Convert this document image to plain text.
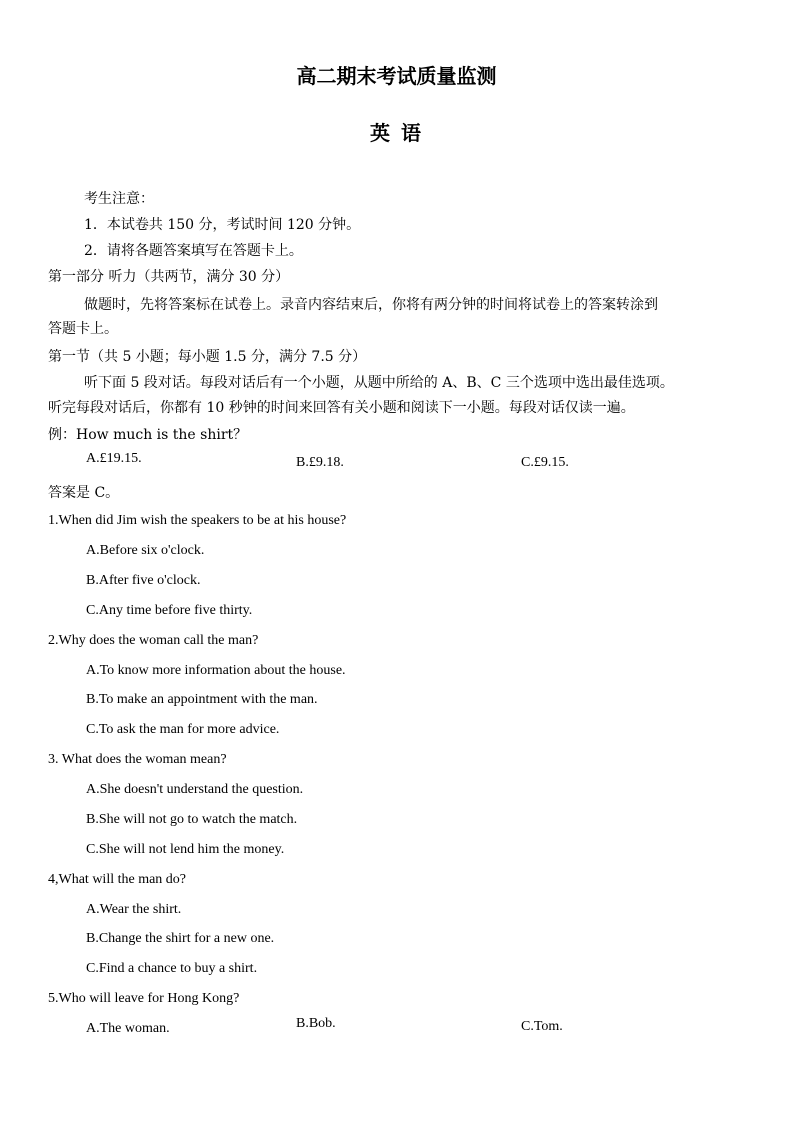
高二期末考试质量监测
英 语
考生注意：
1．本试卷共 150 分，考试时间 120 分钟。
2．请将各题答案填写在答题卡上。
第一部分 听力（共两节，满分 30 分）
做题时，先将答案标在试卷上。录音内容结束后，你将有两分钟的时间将试卷上的答案转涂到
答题卡上。
第一节（共 5 小题；每小题 1.5 分，满分 7.5 分）
听下面 5 段对话。每段对话后有一个小题，从题中所给的 A、B、C 三个选项中选出最佳选项。
听完每段对话后，你都有 10 秒钟的时间来回答有关小题和阅读下一小题。每段对话仅读一遍。
例：How much is the shirt？
A.£19.15.	B.£9.18.	C.£9.15.
答案是 C。
1.When did Jim wish the speakers to be at his house?
A.Before six o'clock.
B.After five o'clock.
C.Any time before five thirty.
2.Why does the woman call the man?
A.To know more information about the house.
B.To make an appointment with the man.
C.To ask the man for more advice.
3. What does the woman mean?
A.She doesn't understand the question.
B.She will not go to watch the match.
C.She will not lend him the money.
4,What will the man do?
A.Wear the shirt.
B.Change the shirt for a new one.
C.Find a chance to buy a shirt.
5.Who will leave for Hong Kong?
A.The woman.	B.Bob.	C.Tom.
